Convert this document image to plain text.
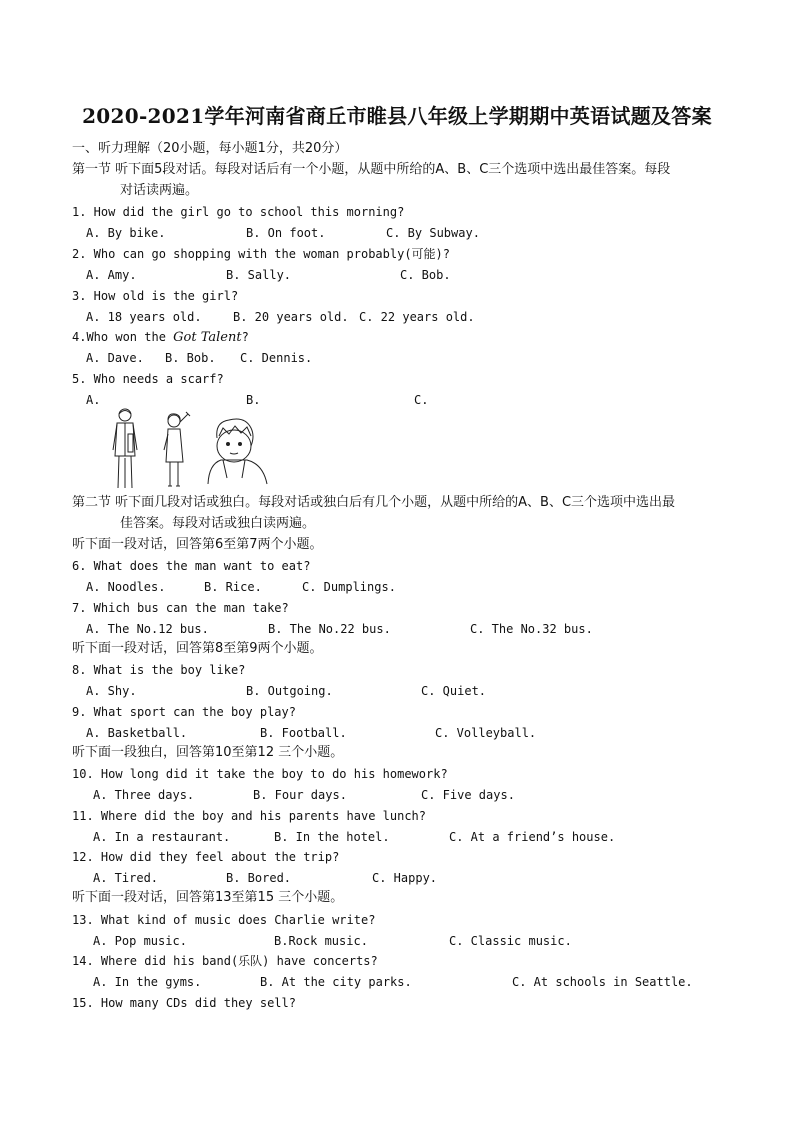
2020-2021学年河南省商丘市睢县八年级上学期期中英语试题及答案
一、听力理解（20小题，每小题1分，共20分）
第一节 听下面5段对话。每段对话后有一个小题，从题中所给的A、B、C三个选项中选出最佳答案。每段
对话读两遍。
1. How did the girl go to school this morning?
A. By bike.	B. On foot.	C. By Subway.
2. Who can go shopping with the woman probably(可能)?
A. Amy.	B. Sally.	C. Bob.
3. How old is the girl?
A. 18 years old.	B. 20 years old. C. 22 years old.
4.Who won the Got Talent?
A. Dave. B. Bob. C. Dennis.
5. Who needs a scarf?
A.	B.	C.
第二节 听下面几段对话或独白。每段对话或独白后有几个小题，从题中所给的A、B、C三个选项中选出最
佳答案。每段对话或独白读两遍。
听下面一段对话，回答第6至第7两个小题。
6. What does the man want to eat?
A. Noodles.	B. Rice.	C. Dumplings.
7. Which bus can the man take?
A. The No.12 bus.	B. The No.22 bus.	C. The No.32 bus.
听下面一段对话，回答第8至第9两个小题。
8. What is the boy like?
A. Shy.	B. Outgoing.	C. Quiet.
9. What sport can the boy play?
A. Basketball.	B. Football.	C. Volleyball.
听下面一段独白，回答第10至第12 三个小题。
10. How long did it take the boy to do his homework?
A. Three days.	B. Four days.	C. Five days.
11. Where did the boy and his parents have lunch?
A. In a restaurant.	B. In the hotel.	C. At a friend’s house.
12. How did they feel about the trip?
A. Tired.	B. Bored.	C. Happy.
听下面一段对话，回答第13至第15 三个小题。
13. What kind of music does Charlie write?
A. Pop music.	B.Rock music.	C. Classic music.
14. Where did his band(乐队) have concerts?
A. In the gyms.	B. At the city parks.	C. At schools in Seattle.
15. How many CDs did they sell?
